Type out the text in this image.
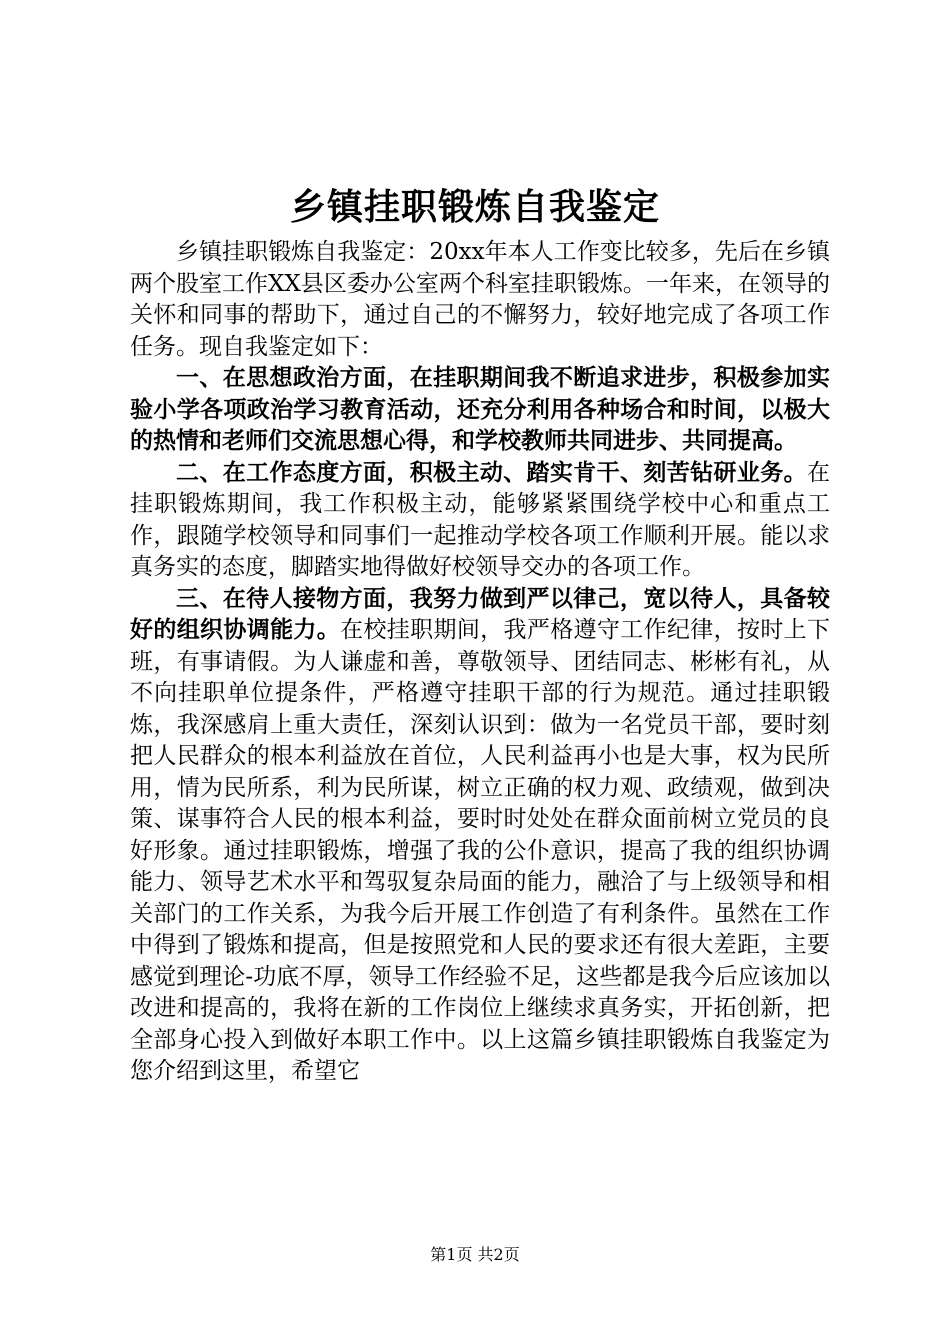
乡镇挂职锻炼自我鉴定

乡镇挂职锻炼自我鉴定：20xx年本人工作变比较多，先后在乡镇两个股室工作XX县区委办公室两个科室挂职锻炼。一年来，在领导的关怀和同事的帮助下，通过自己的不懈努力，较好地完成了各项工作任务。现自我鉴定如下：

一、在思想政治方面，在挂职期间我不断追求进步，积极参加实验小学各项政治学习教育活动，还充分利用各种场合和时间，以极大的热情和老师们交流思想心得，和学校教师共同进步、共同提高。

二、在工作态度方面，积极主动、踏实肯干、刻苦钻研业务。在挂职锻炼期间，我工作积极主动，能够紧紧围绕学校中心和重点工作，跟随学校领导和同事们一起推动学校各项工作顺利开展。能以求真务实的态度，脚踏实地得做好校领导交办的各项工作。

三、在待人接物方面，我努力做到严以律己，宽以待人，具备较好的组织协调能力。在校挂职期间，我严格遵守工作纪律，按时上下班，有事请假。为人谦虚和善，尊敬领导、团结同志、彬彬有礼，从不向挂职单位提条件，严格遵守挂职干部的行为规范。通过挂职锻炼，我深感肩上重大责任，深刻认识到：做为一名党员干部，要时刻把人民群众的根本利益放在首位，人民利益再小也是大事，权为民所用，情为民所系，利为民所谋，树立正确的权力观、政绩观，做到决策、谋事符合人民的根本利益，要时时处处在群众面前树立党员的良好形象。通过挂职锻炼，增强了我的公仆意识，提高了我的组织协调能力、领导艺术水平和驾驭复杂局面的能力，融洽了与上级领导和相关部门的工作关系，为我今后开展工作创造了有利条件。虽然在工作中得到了锻炼和提高，但是按照党和人民的要求还有很大差距，主要感觉到理论-功底不厚，领导工作经验不足，这些都是我今后应该加以改进和提高的，我将在新的工作岗位上继续求真务实，开拓创新，把全部身心投入到做好本职工作中。以上这篇乡镇挂职锻炼自我鉴定为您介绍到这里，希望它

第1页 共2页
